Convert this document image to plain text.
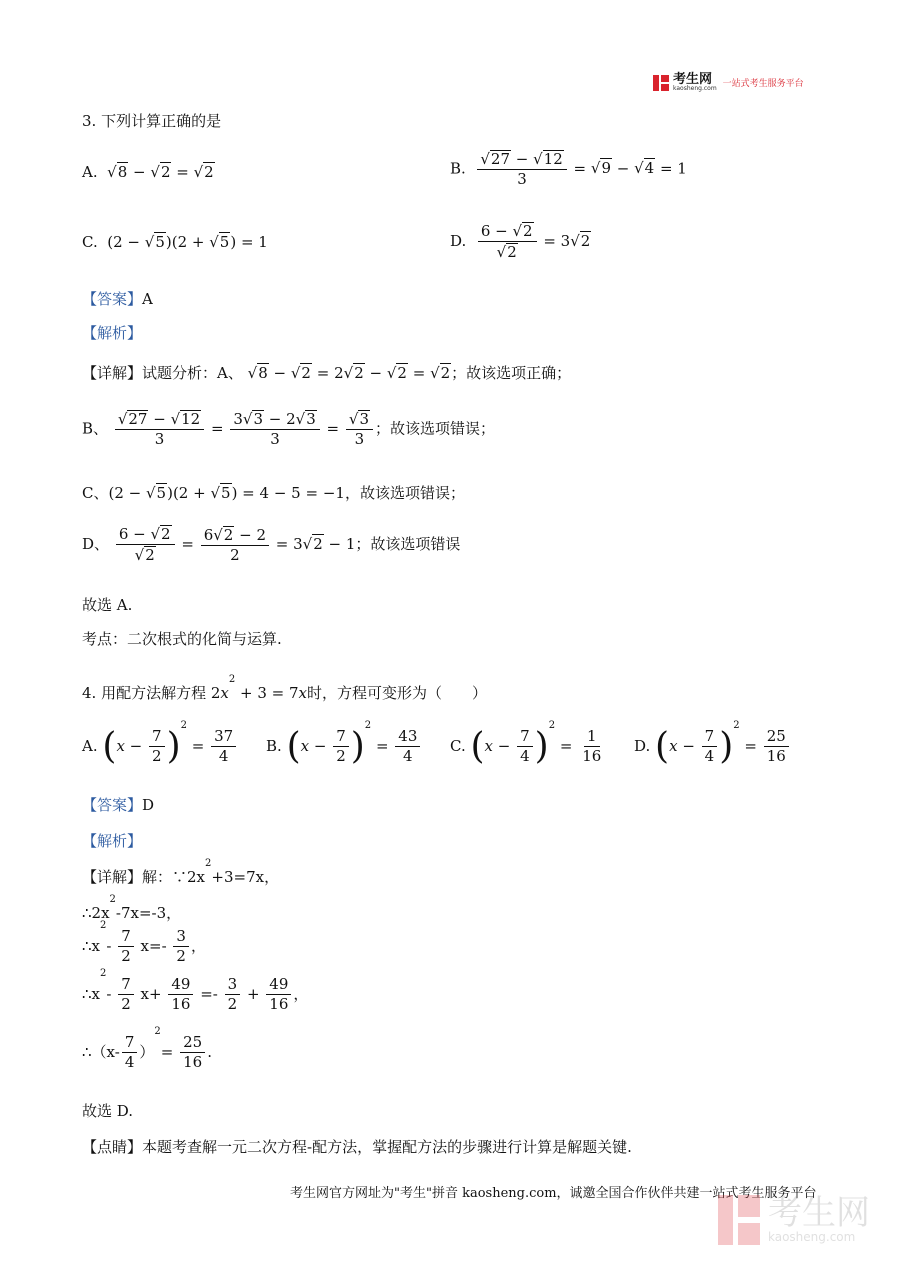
考生网
kaosheng.com 一站式考生服务平台
3. 下列计算正确的是
A. √8 − √2 = √2	B. $\frac{√27 - √12}{3} = √9 - √4 = 1$
C.  (2 − √5)(2 + √5) = 1	D. $\frac{6 - √2}{√2} = 3√2$
【答案】A
【解析】
【详解】试题分析：A、 √8 − √2 = 2√2 − √2 = √2；故该选项正确；
B、 $\frac{√27 - √12}{3} = \frac{3√3 - 2√3}{3} = \frac{√3}{3}$ ；故该选项错误；
C、(2 − √5)(2 + √5) = 4 − 5 = −1，故该选项错误；
D、 $\frac{6 - √2}{√2} = \frac{6√2 - 2}{2} = 3√2 - 1$；故该选项错误
故选 A.
考点：二次根式的化简与运算.
4. 用配方法解方程 $2x^2 + 3 = 7x$时，方程可变形为（　　）
A. $(x - \frac{7}{2} )^2 = \frac{37}{4} B$. $(x - \frac{7}{2} )^2 = \frac{43}{4} C$. $(x - \frac{7}{4} )^2 = \frac{1}{16} D$. $(x - \frac{7}{4} )^2 = \frac{25}{16}$
【答案】D
【解析】
【详解】解：$\because 2x^2+3=7x$，
$\therefore 2x^2-7x=-3$，
$\therefore x^2- \frac{7}{2} x=- \frac{3}{2}$ ，
$\therefore x^2- \frac{7}{2} x+ \frac{49}{16} =- \frac{3}{2} + \frac{49}{16}$ ，
∴（x- $\frac{7}{4} )^2= \frac{25}{16}$ .
故选 D.
【点睛】本题考查解一元二次方程-配方法，掌握配方法的步骤进行计算是解题关键.
考生网官方网址为"考生"拼音 kaosheng.com，诚邀全国合作伙伴共建一站式考生服务平台
考生网
kaosheng.com
